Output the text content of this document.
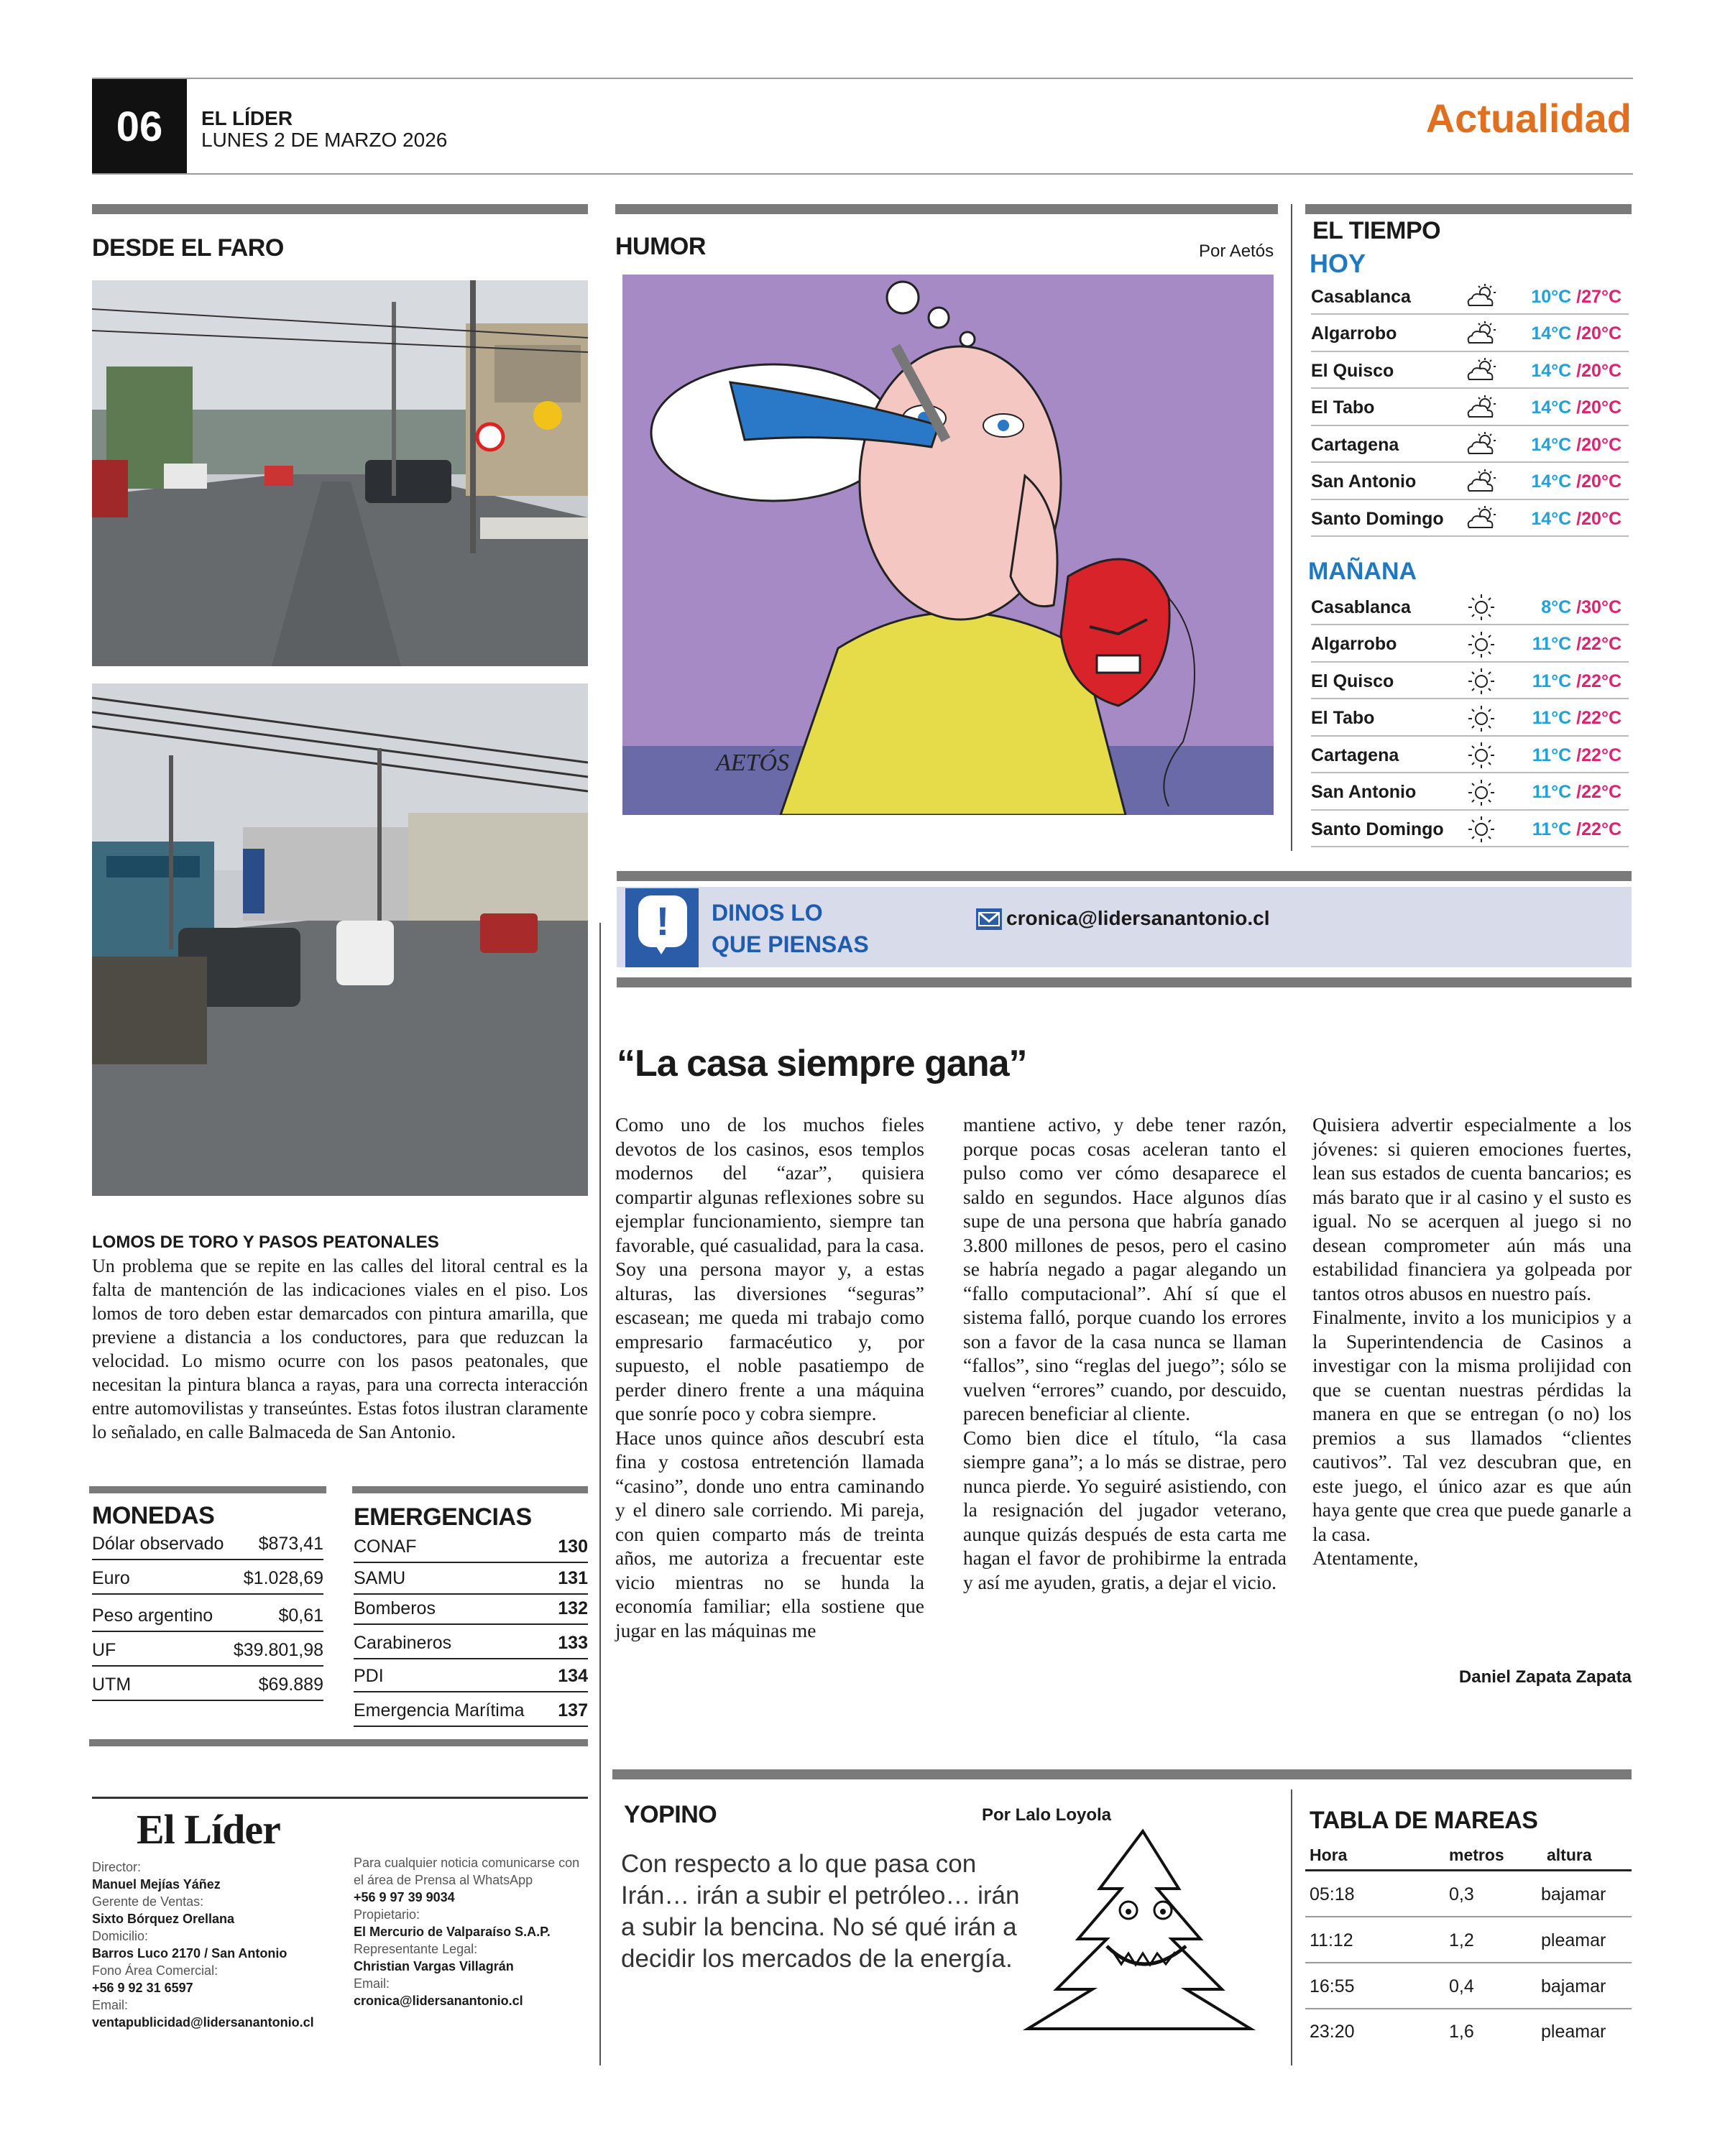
06	EL LÍDER
LUNES 2 DE MARZO 2026	Actualidad
DESDE EL FARO
LOMOS DE TORO Y PASOS PEATONALES
Un problema que se repite en las calles del litoral central es la falta de mantención de las indicaciones viales en el piso. Los lomos de toro deben estar demarcados con pintura amarilla, que previene a distancia a los conductores, para que reduzcan la velocidad. Lo mismo ocurre con los pasos peatonales, que necesitan la pintura blanca a rayas, para una correcta interacción entre automovilistas y transeúntes. Estas fotos ilustran claramente lo señalado, en calle Balmaceda de San Antonio.
MONEDAS
Dólar observado $873,41
Euro	$1.028,69
Peso argentino	$0,61
UF	$39.801,98
UTM	$69.889
EMERGENCIAS
CONAF	130
SAMU	131
Bomberos	132
Carabineros	133
PDI	134
Emergencia Marítima 137
El Líder
Director:
Manuel Mejías Yáñez
Gerente de Ventas:
Sixto Bórquez Orellana
Domicilio:
Barros Luco 2170 / San Antonio
Fono Área Comercial:
+56 9 92 31 6597
Email:
ventapublicidad@lidersanantonio.cl
Para cualquier noticia comunicarse con el área de Prensa al WhatsApp
+56 9 97 39 9034
Propietario:
El Mercurio de Valparaíso S.A.P.
Representante Legal:
Christian Vargas Villagrán
Email:
cronica@lidersanantonio.cl
HUMOR	Por Aetós
AETÓS
EL TIEMPO
HOY
Casablanca	10°C /27°C
Algarrobo	14°C /20°C
El Quisco	14°C /20°C
El Tabo	14°C /20°C
Cartagena	14°C /20°C
San Antonio	14°C /20°C
Santo Domingo	14°C /20°C
MAÑANA
Casablanca	8°C /30°C
Algarrobo	11°C /22°C
El Quisco	11°C /22°C
El Tabo	11°C /22°C
Cartagena	11°C /22°C
San Antonio	11°C /22°C
Santo Domingo	11°C /22°C
!	DINOS LO
QUE PIENSAS
cronica@lidersanantonio.cl
“La casa siempre gana”

Como uno de los muchos fieles devotos de los casinos, esos templos modernos del “azar”, quisiera compartir algunas reflexiones sobre su ejemplar funcionamiento, siempre tan favorable, qué casualidad, para la casa. Soy una persona mayor y, a estas alturas, las diversiones “seguras” escasean; me queda mi trabajo como empresario farmacéutico y, por supuesto, el noble pasatiempo de perder dinero frente a una máquina que sonríe poco y cobra siempre.

Hace unos quince años descubrí esta fina y costosa entretención llamada “casino”, donde uno entra caminando y el dinero sale corriendo. Mi pareja, con quien comparto más de treinta años, me autoriza a frecuentar este vicio mientras no se hunda la economía familiar; ella sostiene que jugar en las máquinas me

mantiene activo, y debe tener razón, porque pocas cosas aceleran tanto el pulso como ver cómo desaparece el saldo en segundos. Hace algunos días supe de una persona que habría ganado 3.800 millones de pesos, pero el casino se habría negado a pagar alegando un “fallo computacional”. Ahí sí que el sistema falló, porque cuando los errores son a favor de la casa nunca se llaman “fallos”, sino “reglas del juego”; sólo se vuelven “errores” cuando, por descuido, parecen beneficiar al cliente.

Como bien dice el título, “la casa siempre gana”; a lo más se distrae, pero nunca pierde. Yo seguiré asistiendo, con la resignación del jugador veterano, aunque quizás después de esta carta me hagan el favor de prohibirme la entrada y así me ayuden, gratis, a dejar el vicio.

Quisiera advertir especialmente a los jóvenes: si quieren emociones fuertes, lean sus estados de cuenta bancarios; es más barato que ir al casino y el susto es igual. No se acerquen al juego si no desean comprometer aún más una estabilidad financiera ya golpeada por tantos otros abusos en nuestro país.

Finalmente, invito a los municipios y a la Superintendencia de Casinos a investigar con la misma prolijidad con que se cuentan nuestras pérdidas la manera en que se entregan (o no) los premios a sus llamados “clientes cautivos”. Tal vez descubran que, en este juego, el único azar es que aún haya gente que crea que puede ganarle a la casa.

Atentamente,

Daniel Zapata Zapata
YOPINO	Por Lalo Loyola
Con respecto a lo que pasa con Irán… irán a subir el petróleo… irán a subir la bencina. No sé qué irán a decidir los mercados de la energía.
TABLA DE MAREAS
Hora	metros	altura
05:18	0,3	bajamar
11:12	1,2	pleamar
16:55	0,4	bajamar
23:20	1,6	pleamar
